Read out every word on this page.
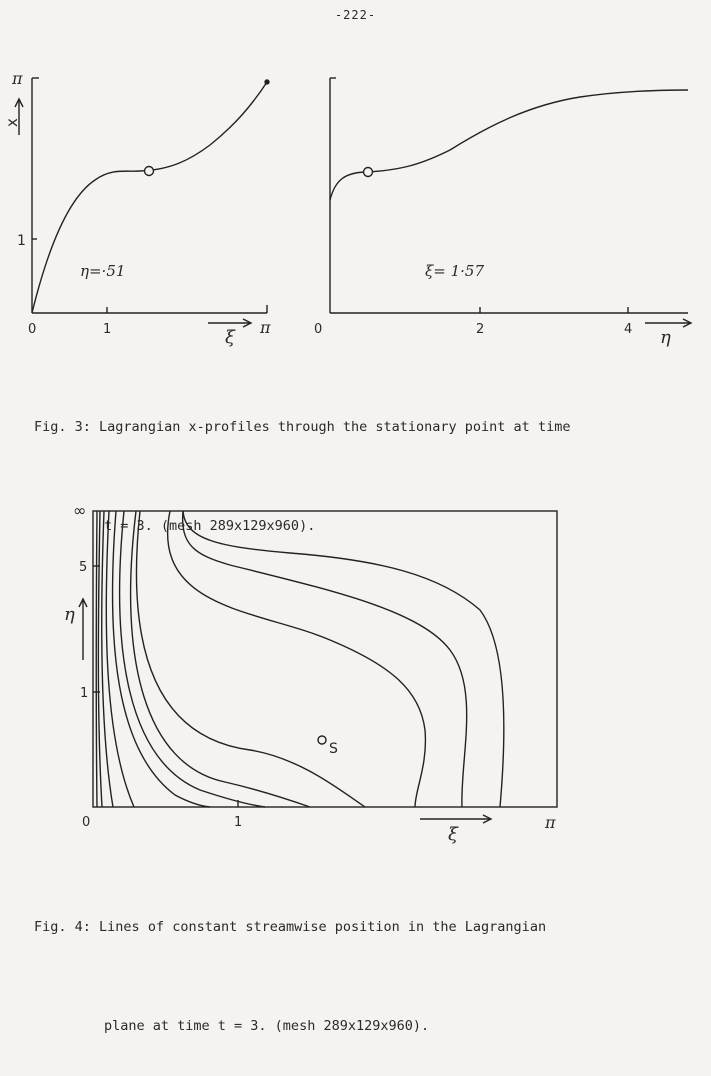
-222-
π
1
x
0	1	π
ξ
η=·51
0	2	4 η
ξ= 1·57
∞
5
1
η
0	1	π
ξ
S

Fig. 3: Lagrangian x-profiles through the stationary point at time

t = 3. (mesh 289x129x960).

Fig. 4: Lines of constant streamwise position in the Lagrangian

plane at time t = 3. (mesh 289x129x960).
